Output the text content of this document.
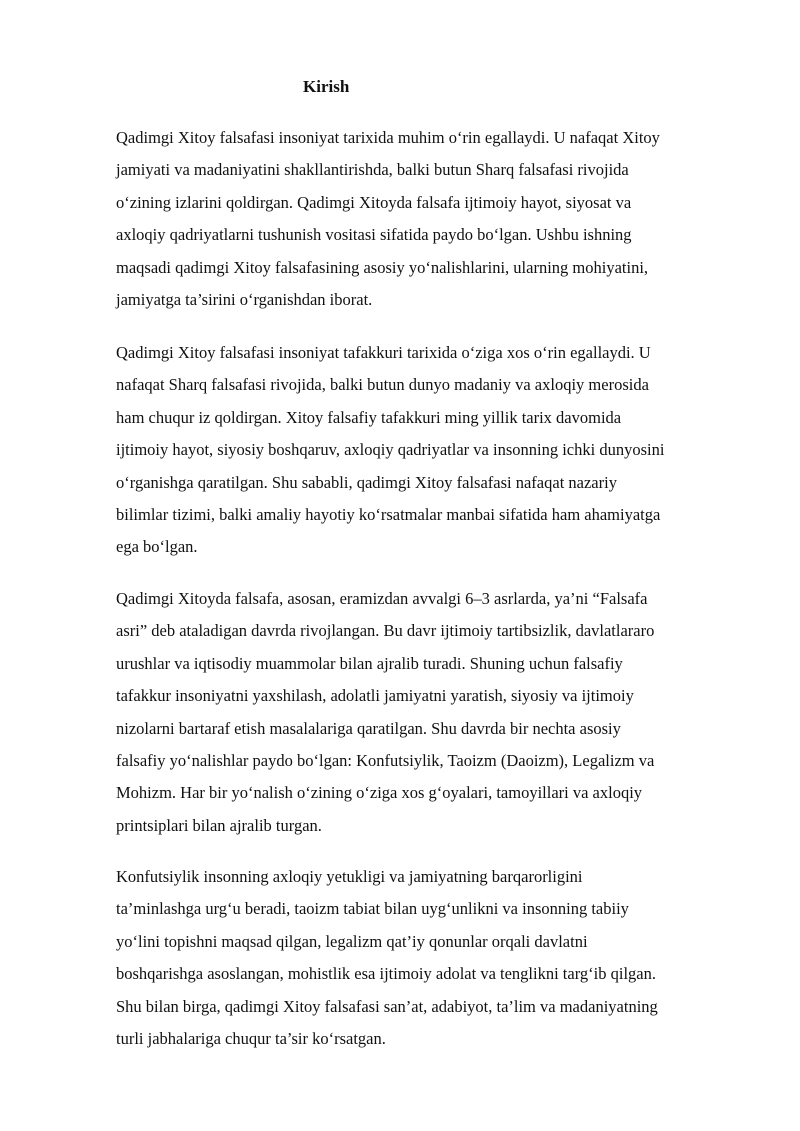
Kirish

Qadimgi Xitoy falsafasi insoniyat tarixida muhim o‘rin egallaydi. U nafaqat Xitoy
jamiyati va madaniyatini shakllantirishda, balki butun Sharq falsafasi rivojida
o‘zining izlarini qoldirgan. Qadimgi Xitoyda falsafa ijtimoiy hayot, siyosat va
axloqiy qadriyatlarni tushunish vositasi sifatida paydo bo‘lgan. Ushbu ishning
maqsadi qadimgi Xitoy falsafasining asosiy yo‘nalishlarini, ularning mohiyatini,
jamiyatga ta’sirini o‘rganishdan iborat.

Qadimgi Xitoy falsafasi insoniyat tafakkuri tarixida o‘ziga xos o‘rin egallaydi. U
nafaqat Sharq falsafasi rivojida, balki butun dunyo madaniy va axloqiy merosida
ham chuqur iz qoldirgan. Xitoy falsafiy tafakkuri ming yillik tarix davomida
ijtimoiy hayot, siyosiy boshqaruv, axloqiy qadriyatlar va insonning ichki dunyosini
o‘rganishga qaratilgan. Shu sababli, qadimgi Xitoy falsafasi nafaqat nazariy
bilimlar tizimi, balki amaliy hayotiy ko‘rsatmalar manbai sifatida ham ahamiyatga
ega bo‘lgan.

Qadimgi Xitoyda falsafa, asosan, eramizdan avvalgi 6–3 asrlarda, ya’ni “Falsafa
asri” deb ataladigan davrda rivojlangan. Bu davr ijtimoiy tartibsizlik, davlatlararo
urushlar va iqtisodiy muammolar bilan ajralib turadi. Shuning uchun falsafiy
tafakkur insoniyatni yaxshilash, adolatli jamiyatni yaratish, siyosiy va ijtimoiy
nizolarni bartaraf etish masalalariga qaratilgan. Shu davrda bir nechta asosiy
falsafiy yo‘nalishlar paydo bo‘lgan: Konfutsiylik, Taoizm (Daoizm), Legalizm va
Mohizm. Har bir yo‘nalish o‘zining o‘ziga xos g‘oyalari, tamoyillari va axloqiy
printsiplari bilan ajralib turgan.

Konfutsiylik insonning axloqiy yetukligi va jamiyatning barqarorligini
ta’minlashga urg‘u beradi, taoizm tabiat bilan uyg‘unlikni va insonning tabiiy
yo‘lini topishni maqsad qilgan, legalizm qat’iy qonunlar orqali davlatni
boshqarishga asoslangan, mohistlik esa ijtimoiy adolat va tenglikni targ‘ib qilgan.
Shu bilan birga, qadimgi Xitoy falsafasi san’at, adabiyot, ta’lim va madaniyatning
turli jabhalariga chuqur ta’sir ko‘rsatgan.
